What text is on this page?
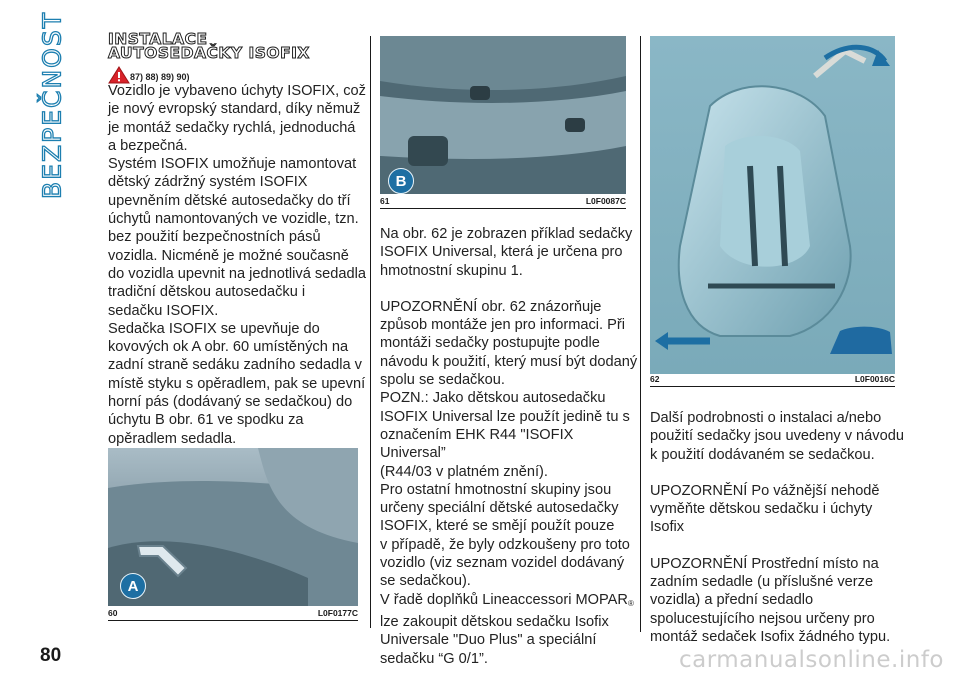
BEZPEČNOST	INSTALACE
AUTOSEDAČKY ISOFIX
87) 88) 89) 90)

Vozidlo je vybaveno úchyty ISOFIX, což
je nový evropský standard, díky němuž
je montáž sedačky rychlá, jednoduchá
a bezpečná.
Systém ISOFIX umožňuje namontovat
dětský zádržný systém ISOFIX
upevněním dětské autosedačky do tří
úchytů namontovaných ve vozidle, tzn.
bez použití bezpečnostních pásů
vozidla. Nicméně je možné současně
do vozidla upevnit na jednotlivá sedadla
tradiční dětskou autosedačku i
sedačku ISOFIX.
Sedačka ISOFIX se upevňuje do
kovových ok A obr. 60 umístěných na
zadní straně sedáku zadního sedadla v
místě styku s opěradlem, pak se upevní
horní pás (dodávaný se sedačkou) do
úchytu B obr. 61 ve spodku za
opěradlem sedadla.

A
60	L0F0177C
B
61	L0F0087C

Na obr. 62 je zobrazen příklad sedačky
ISOFIX Universal, která je určena pro
hmotnostní skupinu 1.

UPOZORNĚNÍ obr. 62 znázorňuje
způsob montáže jen pro informaci. Při
montáži sedačky postupujte podle
návodu k použití, který musí být dodaný
spolu se sedačkou.
POZN.: Jako dětskou autosedačku
ISOFIX Universal lze použít jedině tu s
označením EHK R44 "ISOFIX Universal”
(R44/03 v platném znění).
Pro ostatní hmotnostní skupiny jsou
určeny speciální dětské autosedačky
ISOFIX, které se smějí použít pouze
v případě, že byly odzkoušeny pro toto
vozidlo (viz seznam vozidel dodávaný
se sedačkou).

V řadě doplňků Lineaccessori $MOPAR_®$

lze zakoupit dětskou sedačku Isofix
Universale "Duo Plus" a speciální
sedačku “G 0/1”.

62	L0F0016C

Další podrobnosti o instalaci a/nebo
použití sedačky jsou uvedeny v návodu
k použití dodávaném se sedačkou.

UPOZORNĚNÍ Po vážnější nehodě
vyměňte dětskou sedačku i úchyty
Isofix

UPOZORNĚNÍ Prostřední místo na
zadním sedadle (u příslušné verze
vozidla) a přední sedadlo
spolucestujícího nejsou určeny pro
montáž sedaček Isofix žádného typu.

80	carmanualsonline.info
